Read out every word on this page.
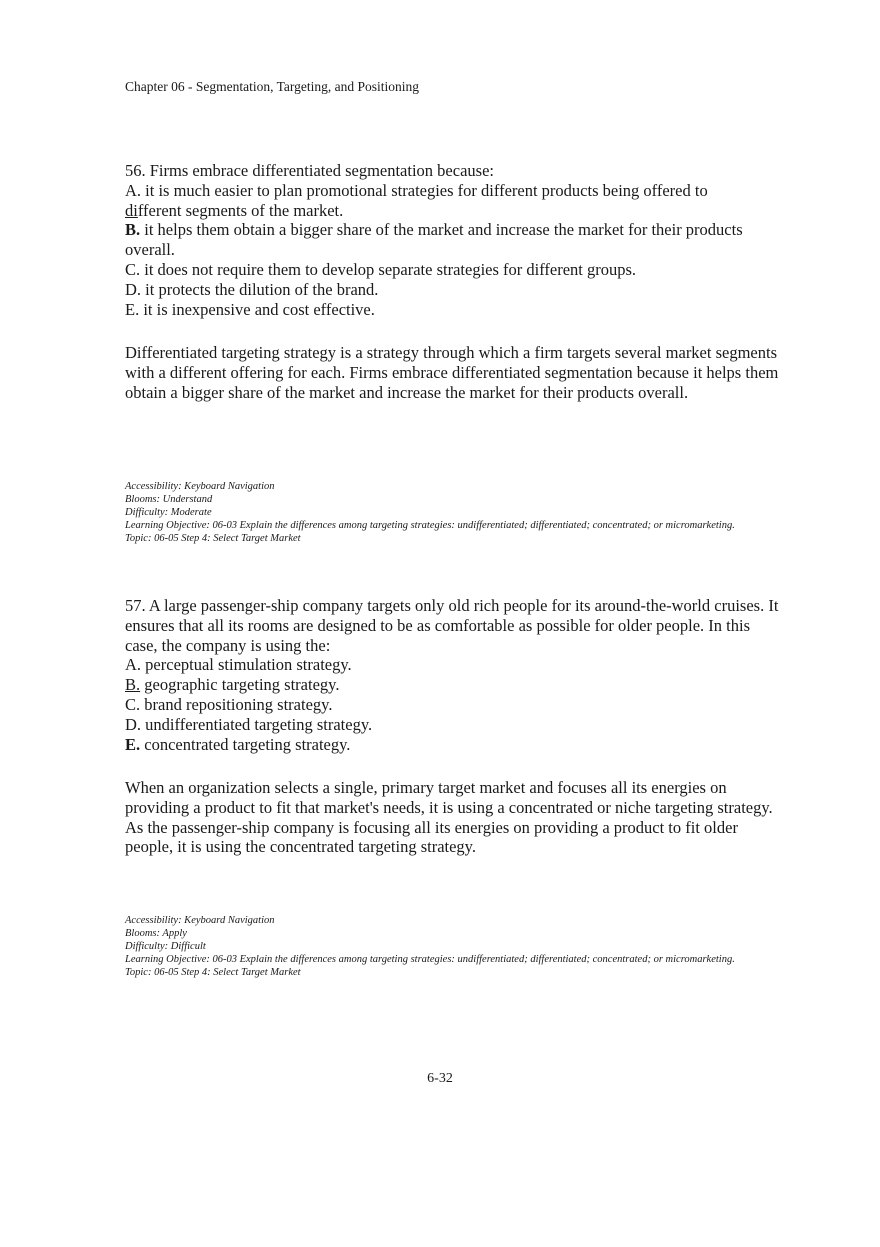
Chapter 06 - Segmentation, Targeting, and Positioning
56. Firms embrace differentiated segmentation because:
A. it is much easier to plan promotional strategies for different products being offered to
different segments of the market.
B. it helps them obtain a bigger share of the market and increase the market for their products overall.
C. it does not require them to develop separate strategies for different groups.
D. it protects the dilution of the brand.
E. it is inexpensive and cost effective.

Differentiated targeting strategy is a strategy through which a firm targets several market segments with a different offering for each. Firms embrace differentiated segmentation because it helps them obtain a bigger share of the market and increase the market for their products overall.

Accessibility: Keyboard Navigation
Blooms: Understand
Difficulty: Moderate
Learning Objective: 06-03 Explain the differences among targeting strategies: undifferentiated; differentiated; concentrated; or micromarketing.
Topic: 06-05 Step 4: Select Target Market
57. A large passenger-ship company targets only old rich people for its around-the-world cruises. It ensures that all its rooms are designed to be as comfortable as possible for older people. In this case, the company is using the:
A. perceptual stimulation strategy.
B. geographic targeting strategy.
C. brand repositioning strategy.
D. undifferentiated targeting strategy.
E. concentrated targeting strategy.

When an organization selects a single, primary target market and focuses all its energies on providing a product to fit that market's needs, it is using a concentrated or niche targeting strategy. As the passenger-ship company is focusing all its energies on providing a product to fit older people, it is using the concentrated targeting strategy.

Accessibility: Keyboard Navigation
Blooms: Apply
Difficulty: Difficult
Learning Objective: 06-03 Explain the differences among targeting strategies: undifferentiated; differentiated; concentrated; or micromarketing.
Topic: 06-05 Step 4: Select Target Market
6-32
